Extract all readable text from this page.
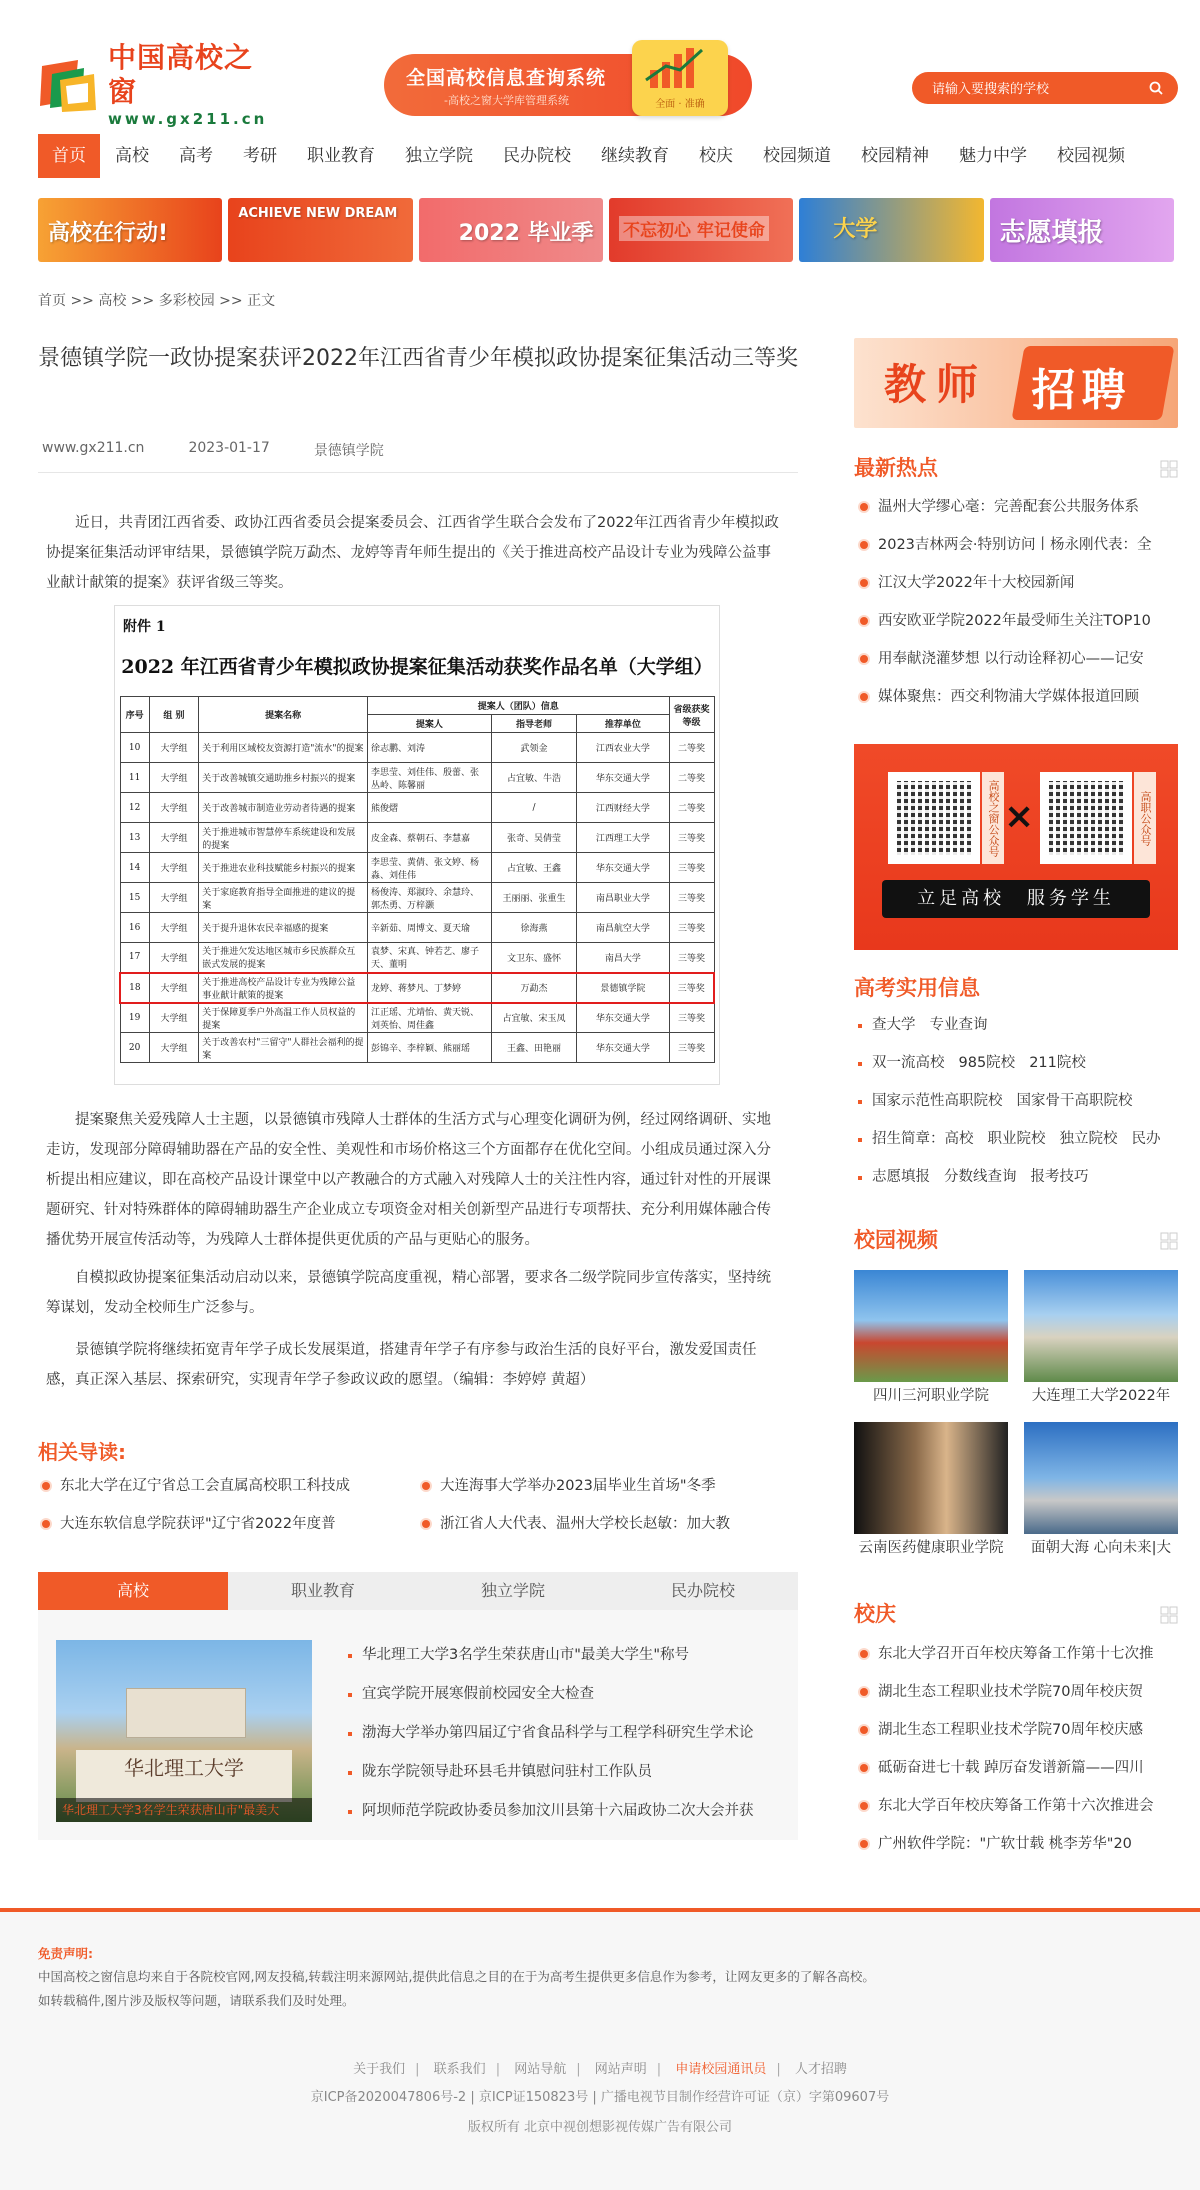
中国高校之窗
www.gx211.cn
全国高校信息查询系统
-高校之窗大学库管理系统	全面 · 准确
请输入要搜索的学校
首页	高校	高考	考研	职业教育	独立学院	民办院校	继续教育	校庆	校园频道	校园精神	魅力中学	校园视频
高校在行动!
ACHIEVE NEW DREAM
2022 毕业季 不忘初心 牢记使命	大学	志愿填报
首页 >> 高校 >> 多彩校园 >> 正文
景德镇学院一政协提案获评2022年江西省青少年模拟政协提案征集活动三等奖
www.gx211.cn	2023-01-17	景德镇学院

近日，共青团江西省委、政协江西省委员会提案委员会、江西省学生联合会发布了2022年江西省青少年模拟政协提案征集活动评审结果，景德镇学院万勐杰、龙婷等青年师生提出的《关于推进高校产品设计专业为残障公益事业献计献策的提案》获评省级三等奖。

附件 1
2022 年江西省青少年模拟政协提案征集活动获奖作品名单（大学组）
序号	组 别	提案名称	提案人（团队）信息			省级获奖等级
			提案人	指导老师	推荐单位	
10	大学组	关于利用区域校友资源打造"流水"的提案	徐志鹏、刘涛	武领金	江西农业大学	二等奖
11	大学组	关于改善城镇交通助推乡村振兴的提案	李思莹、刘佳伟、殷蕾、张丛岭、陈馨丽	占宜敏、牛浩	华东交通大学	二等奖
12	大学组	关于改善城市制造业劳动者待遇的提案	熊俊熠	/	江西财经大学	二等奖
13	大学组	关于推进城市智慧停车系统建设和发展的提案	皮金森、蔡朝石、李慧嘉	张奇、吴倩莹	江西理工大学	三等奖
14	大学组	关于推进农业科技赋能乡村振兴的提案	李思莹、黄倩、张文婷、杨淼、刘佳伟	占宜敏、王鑫	华东交通大学	三等奖
15	大学组	关于家庭教育指导全面推进的建议的提案	杨俊涛、郑淑玲、余慧玲、郭杰勇、万梓灏	王丽丽、张重生	南昌职业大学	三等奖
16	大学组	关于提升退休农民幸福感的提案	辛新茹、周博文、夏天瑜	徐海燕	南昌航空大学	三等奖
17	大学组	关于推进欠发达地区城市乡民族群众互嵌式发展的提案	袁梦、宋真、钟若艺、廖子天、董明	文卫东、盛怀	南昌大学	三等奖
18	大学组	关于推进高校产品设计专业为残障公益事业献计献策的提案	龙婷、蒋梦凡、丁梦婷	万勐杰	景德镇学院	三等奖
19	大学组	关于保障夏季户外高温工作人员权益的提案	江正瑶、尤靖怡、黄天锐、刘英怡、周佳鑫	占宜敏、宋玉凤	华东交通大学	三等奖
20	大学组	关于改善农村"三留守"人群社会福利的提案	彭锦辛、李梓颖、熊丽瑶	王鑫、田艳丽	华东交通大学	三等奖

提案聚焦关爱残障人士主题，以景德镇市残障人士群体的生活方式与心理变化调研为例，经过网络调研、实地走访，发现部分障碍辅助器在产品的安全性、美观性和市场价格这三个方面都存在优化空间。小组成员通过深入分析提出相应建议，即在高校产品设计课堂中以产教融合的方式融入对残障人士的关注性内容，通过针对性的开展课题研究、针对特殊群体的障碍辅助器生产企业成立专项资金对相关创新型产品进行专项帮扶、充分利用媒体融合传播优势开展宣传活动等，为残障人士群体提供更优质的产品与更贴心的服务。

自模拟政协提案征集活动启动以来，景德镇学院高度重视，精心部署，要求各二级学院同步宣传落实，坚持统筹谋划，发动全校师生广泛参与。

景德镇学院将继续拓宽青年学子成长发展渠道，搭建青年学子有序参与政治生活的良好平台，激发爱国责任感，真正深入基层、探索研究，实现青年学子参政议政的愿望。（编辑：李婷婷 黄超）

相关导读:
东北大学在辽宁省总工会直属高校职工科技成	大连海事大学举办2023届毕业生首场"冬季
大连东软信息学院获评"辽宁省2022年度普	浙江省人大代表、温州大学校长赵敏：加大教
高校	职业教育	独立学院	民办院校
华北理工大学
华北理工大学3名学生荣获唐山市"最美大
华北理工大学3名学生荣获唐山市"最美大学生"称号
宜宾学院开展寒假前校园安全大检查
渤海大学举办第四届辽宁省食品科学与工程学科研究生学术论
陇东学院领导赴环县毛井镇慰问驻村工作队员
阿坝师范学院政协委员参加汶川县第十六届政协二次大会并获
教师 招聘
最新热点
温州大学缪心毫：完善配套公共服务体系
2023吉林两会·特别访问丨杨永刚代表：全
江汉大学2022年十大校园新闻
西安欧亚学院2022年最受师生关注TOP10
用奉献浇灌梦想 以行动诠释初心——记安
媒体聚焦：西交利物浦大学媒体报道回顾
高校之窗公众号 ×	高职公众号
立足高校 服务学生
高考实用信息
查大学 专业查询
双一流高校 985院校 211院校
国家示范性高职院校 国家骨干高职院校
招生简章：高校 职业院校 独立院校 民办
志愿填报 分数线查询 报考技巧
校园视频
四川三河职业学院	大连理工大学2022年
云南医药健康职业学院	面朝大海 心向未来|大
校庆
东北大学召开百年校庆筹备工作第十七次推
湖北生态工程职业技术学院70周年校庆贺
湖北生态工程职业技术学院70周年校庆感
砥砺奋进七十载 踔厉奋发谱新篇——四川
东北大学百年校庆筹备工作第十六次推进会
广州软件学院："广软廿载 桃李芳华"20
免责声明:
中国高校之窗信息均来自于各院校官网,网友投稿,转载注明来源网站,提供此信息之目的在于为高考生提供更多信息作为参考，让网友更多的了解各高校。
如转载稿件,图片涉及版权等问题，请联系我们及时处理。
关于我们 | 联系我们 | 网站导航 | 网站声明 | 申请校园通讯员 | 人才招聘
京ICP备2020047806号-2 | 京ICP证150823号 | 广播电视节目制作经营许可证（京）字第09607号
版权所有 北京中视创想影视传媒广告有限公司
